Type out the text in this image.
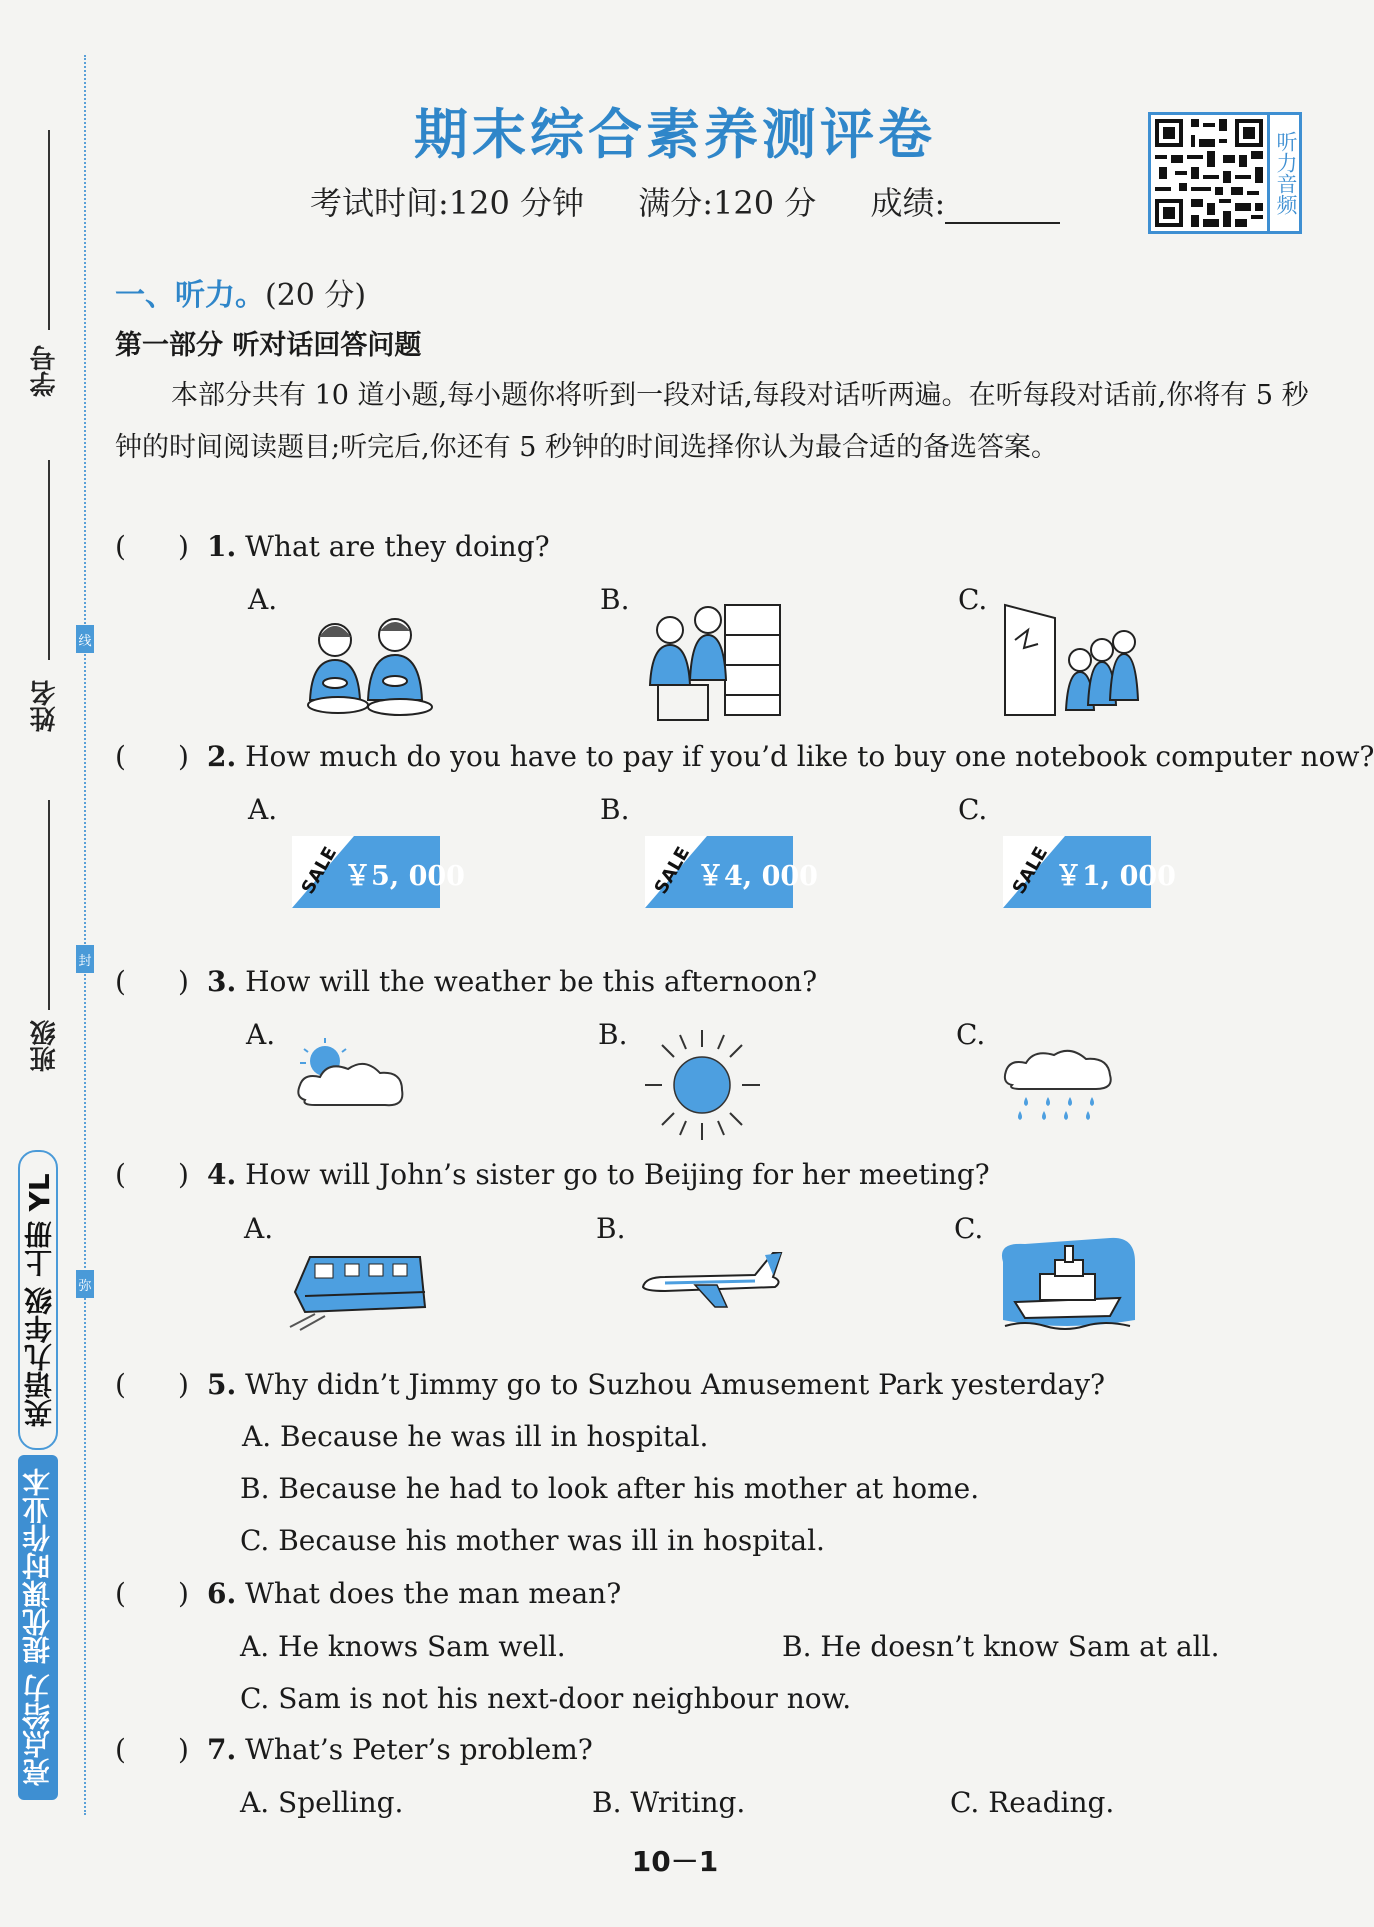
学号
姓名
班级
线
封
弥
英语九年级 上册 YL
亮点给力 提优课时作业本
期末综合素养测评卷
考试时间:120 分钟 满分:120 分 成绩:	听力音频
一、听力。(20 分)
第一部分 听对话回答问题
本部分共有 10 道小题,每小题你将听到一段对话,每段对话听两遍。在听每段对话前,你将有 5 秒钟的时间阅读题目;听完后,你还有 5 秒钟的时间选择你认为最合适的备选答案。
( ) 1. What are they doing?
A.	B.	C.
( ) 2. How much do you have to pay if you’d like to buy one notebook computer now?
A.	B.	C.
SALE ￥5, 000	SALE ￥4, 000	SALE ￥1, 000
( ) 3. How will the weather be this afternoon?
A.	B.	C.
( ) 4. How will John’s sister go to Beijing for her meeting?
A.	B.	C.
( ) 5. Why didn’t Jimmy go to Suzhou Amusement Park yesterday?
A. Because he was ill in hospital.
B. Because he had to look after his mother at home.
C. Because his mother was ill in hospital.
( ) 6. What does the man mean?
A. He knows Sam well.	B. He doesn’t know Sam at all.
C. Sam is not his next-door neighbour now.
( ) 7. What’s Peter’s problem?
A. Spelling.	B. Writing.	C. Reading.
10－1
